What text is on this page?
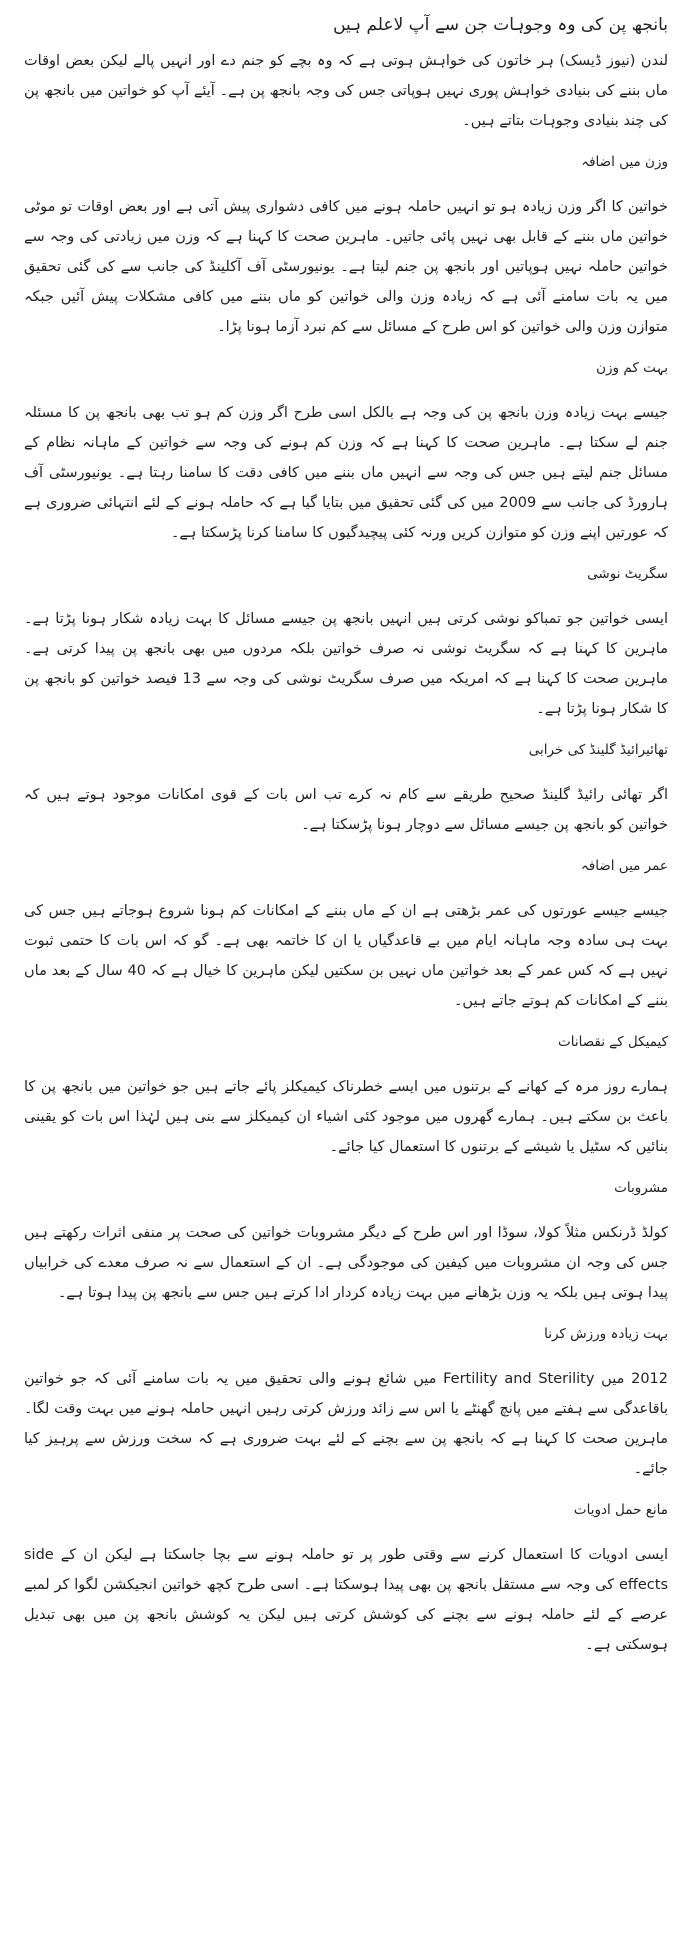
بانجھ پن کی وہ وجوہات جن سے آپ لاعلم ہیں

لندن (نیوز ڈیسک) ہر خاتون کی خواہش ہوتی ہے کہ وہ بچے کو جنم دے اور انہیں پالے لیکن بعض اوقات ماں بننے کی بنیادی خواہش پوری نہیں ہوپاتی جس کی وجہ بانجھ پن ہے۔ آیئے آپ کو خواتین میں بانجھ پن کی چند بنیادی وجوہات بتاتے ہیں۔

وزن میں اضافہ

خواتین کا اگر وزن زیادہ ہو تو انہیں حاملہ ہونے میں کافی دشواری پیش آتی ہے اور بعض اوقات تو موٹی خواتین ماں بننے کے قابل بھی نہیں پائی جاتیں۔ ماہرین صحت کا کہنا ہے کہ وزن میں زیادتی کی وجہ سے خواتین حاملہ نہیں ہوپاتیں اور بانجھ پن جنم لیتا ہے۔ یونیورسٹی آف آکلینڈ کی جانب سے کی گئی تحقیق میں یہ بات سامنے آئی ہے کہ زیادہ وزن والی خواتین کو ماں بننے میں کافی مشکلات پیش آئیں جبکہ متوازن وزن والی خواتین کو اس طرح کے مسائل سے کم نبرد آزما ہونا پڑا۔

بہت کم وزن

جیسے بہت زیادہ وزن بانجھ پن کی وجہ ہے بالکل اسی طرح اگر وزن کم ہو تب بھی بانجھ پن کا مسئلہ جنم لے سکتا ہے۔ ماہرین صحت کا کہنا ہے کہ وزن کم ہونے کی وجہ سے خواتین کے ماہانہ نظام کے مسائل جنم لیتے ہیں جس کی وجہ سے انہیں ماں بننے میں کافی دقت کا سامنا رہتا ہے۔ یونیورسٹی آف ہارورڈ کی جانب سے 2009 میں کی گئی تحقیق میں بتایا گیا ہے کہ حاملہ ہونے کے لئے انتہائی ضروری ہے کہ عورتیں اپنے وزن کو متوازن کریں ورنہ کئی پیچیدگیوں کا سامنا کرنا پڑسکتا ہے۔

سگریٹ نوشی

ایسی خواتین جو تمباکو نوشی کرتی ہیں انہیں بانجھ پن جیسے مسائل کا بہت زیادہ شکار ہونا پڑتا ہے۔ ماہرین کا کہنا ہے کہ سگریٹ نوشی نہ صرف خواتین بلکہ مردوں میں بھی بانجھ پن پیدا کرتی ہے۔ ماہرین صحت کا کہنا ہے کہ امریکہ میں صرف سگریٹ نوشی کی وجہ سے 13 فیصد خواتین کو بانجھ پن کا شکار ہونا پڑتا ہے۔

تھائیرائیڈ گلینڈ کی خرابی

اگر تھائی رائیڈ گلینڈ صحیح طریقے سے کام نہ کرے تب اس بات کے قوی امکانات موجود ہوتے ہیں کہ خواتین کو بانجھ پن جیسے مسائل سے دوچار ہونا پڑسکتا ہے۔

عمر میں اضافہ

جیسے جیسے عورتوں کی عمر بڑھتی ہے ان کے ماں بننے کے امکانات کم ہونا شروع ہوجاتے ہیں جس کی بہت ہی سادہ وجہ ماہانہ ایام میں بے قاعدگیاں یا ان کا خاتمہ بھی ہے۔ گو کہ اس بات کا حتمی ثبوت نہیں ہے کہ کس عمر کے بعد خواتین ماں نہیں بن سکتیں لیکن ماہرین کا خیال ہے کہ 40 سال کے بعد ماں بننے کے امکانات کم ہوتے جاتے ہیں۔

کیمیکل کے نقصانات

ہمارے روز مرہ کے کھانے کے برتنوں میں ایسے خطرناک کیمیکلز پائے جاتے ہیں جو خواتین میں بانجھ پن کا باعث بن سکتے ہیں۔ ہمارے گھروں میں موجود کئی اشیاء ان کیمیکلز سے بنی ہیں لہٰذا اس بات کو یقینی بنائیں کہ سٹیل یا شیشے کے برتنوں کا استعمال کیا جائے۔

مشروبات

کولڈ ڈرنکس مثلاً کولا، سوڈا اور اس طرح کے دیگر مشروبات خواتین کی صحت پر منفی اثرات رکھتے ہیں جس کی وجہ ان مشروبات میں کیفین کی موجودگی ہے۔ ان کے استعمال سے نہ صرف معدے کی خرابیاں پیدا ہوتی ہیں بلکہ یہ وزن بڑھانے میں بہت زیادہ کردار ادا کرتے ہیں جس سے بانجھ پن پیدا ہوتا ہے۔

بہت زیادہ ورزش کرنا

2012 میں Fertility and Sterility میں شائع ہونے والی تحقیق میں یہ بات سامنے آئی کہ جو خواتین باقاعدگی سے ہفتے میں پانچ گھنٹے یا اس سے زائد ورزش کرتی رہیں انہیں حاملہ ہونے میں بہت وقت لگا۔ ماہرین صحت کا کہنا ہے کہ بانجھ پن سے بچنے کے لئے بہت ضروری ہے کہ سخت ورزش سے پرہیز کیا جائے۔

مانع حمل ادویات

ایسی ادویات کا استعمال کرنے سے وقتی طور پر تو حاملہ ہونے سے بچا جاسکتا ہے لیکن ان کے side effects کی وجہ سے مستقل بانجھ پن بھی پیدا ہوسکتا ہے۔ اسی طرح کچھ خواتین انجیکشن لگوا کر لمبے عرصے کے لئے حاملہ ہونے سے بچنے کی کوشش کرتی ہیں لیکن یہ کوشش بانجھ پن میں بھی تبدیل ہوسکتی ہے۔
